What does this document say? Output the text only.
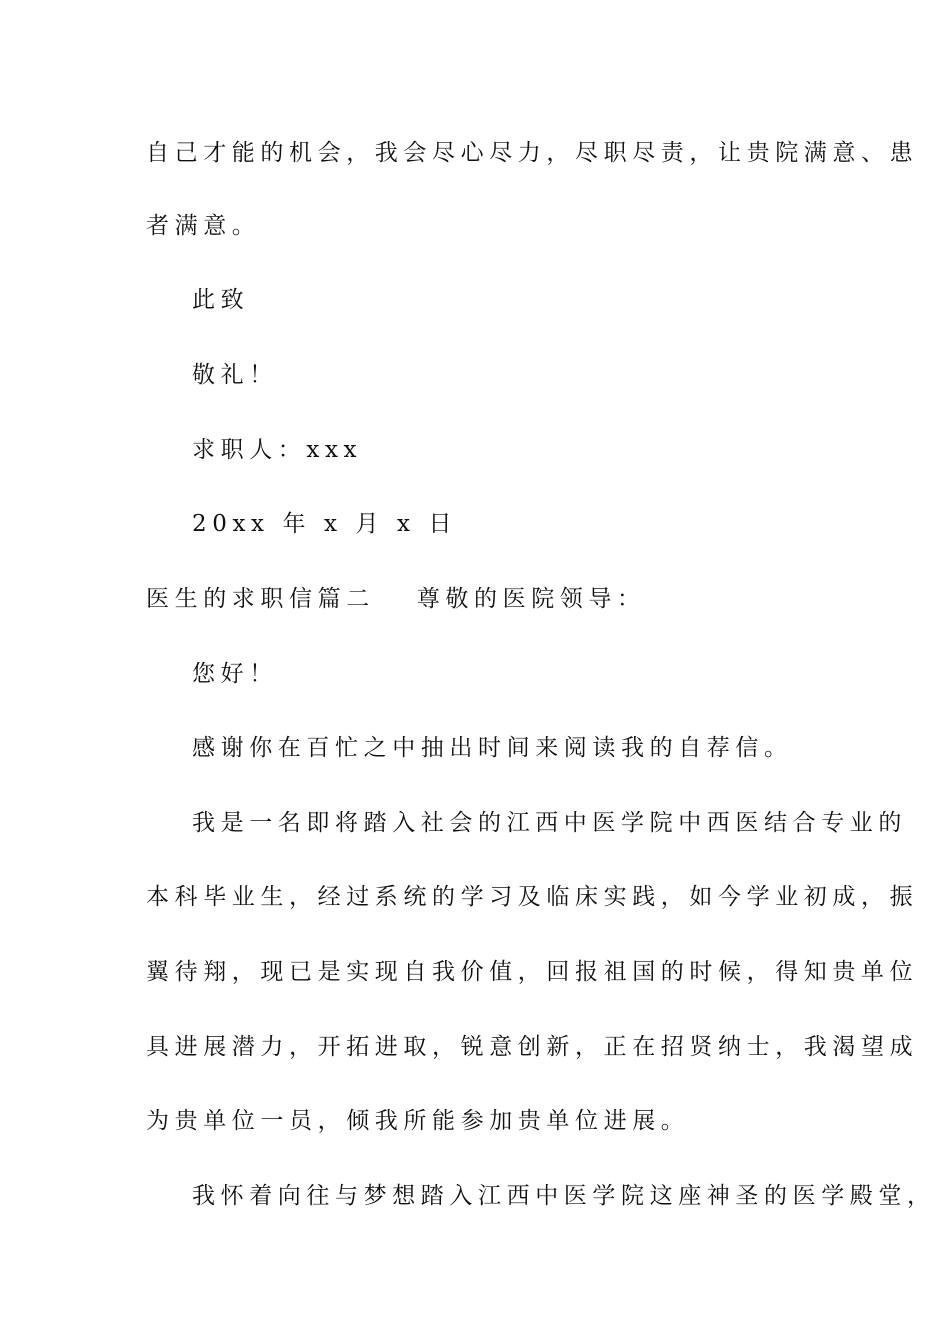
自己才能的机会，我会尽心尽力，尽职尽责，让贵院满意、患
者满意。
此致
敬礼！
求职人：xxx
20xx 年 x 月 x 日
医生的求职信篇二 尊敬的医院领导：
您好！
感谢你在百忙之中抽出时间来阅读我的自荐信。
我是一名即将踏入社会的江西中医学院中西医结合专业的
本科毕业生，经过系统的学习及临床实践，如今学业初成，振
翼待翔，现已是实现自我价值，回报祖国的时候，得知贵单位
具进展潜力，开拓进取，锐意创新，正在招贤纳士，我渴望成
为贵单位一员，倾我所能参加贵单位进展。
我怀着向往与梦想踏入江西中医学院这座神圣的医学殿堂，
